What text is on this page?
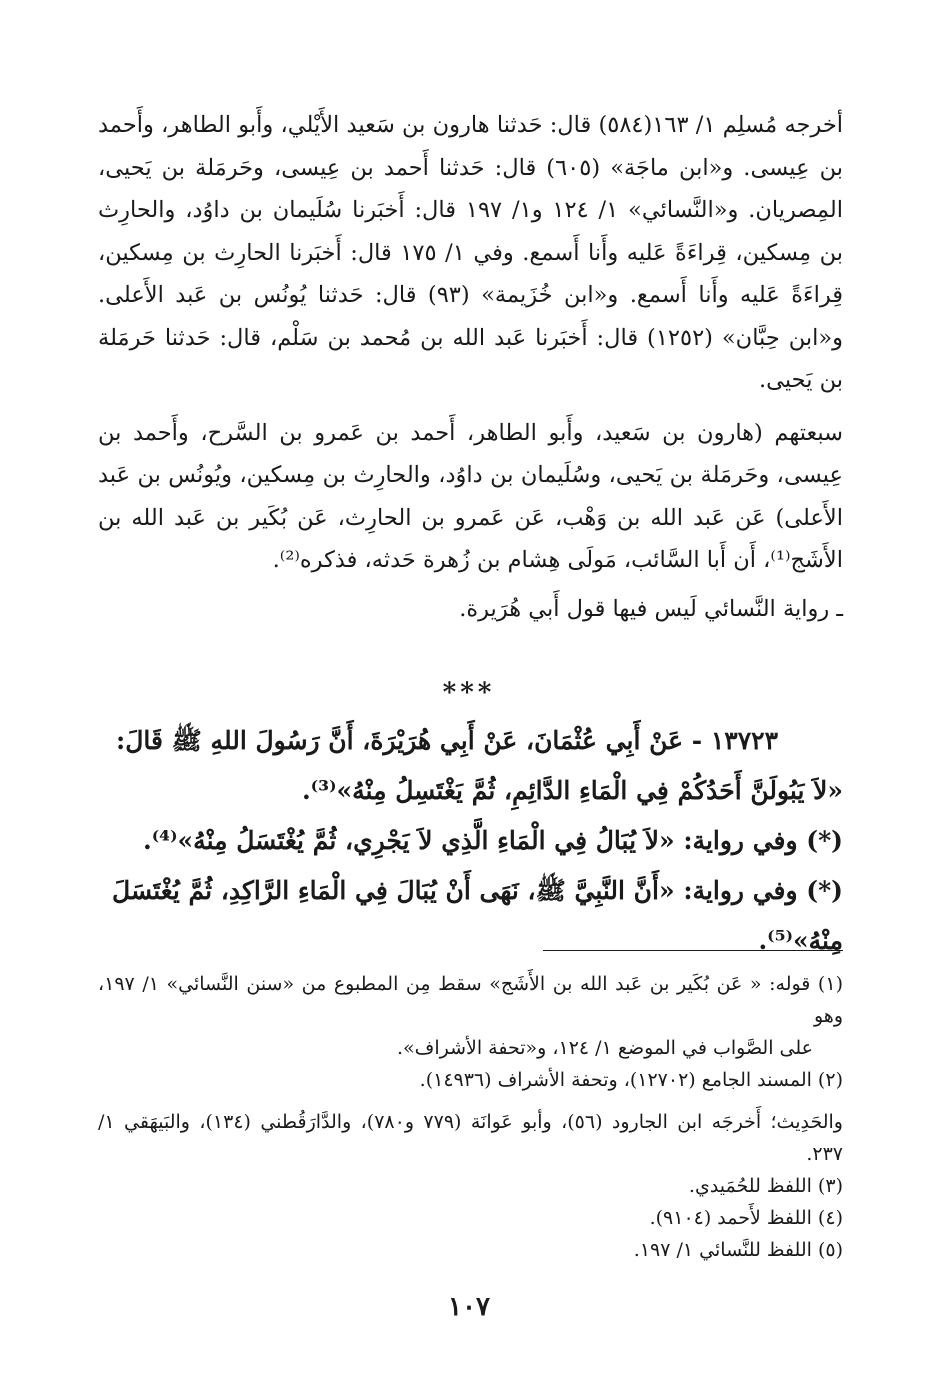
أخرجه مُسلِم ١/ ١٦٣(٥٨٤) قال: حَدثنا هارون بن سَعيد الأَيْلي، وأَبو الطاهر، وأَحمد بن عِيسى. و«ابن ماجَة» (٦٠٥) قال: حَدثنا أَحمد بن عِيسى، وحَرمَلة بن يَحيى، المِصريان. و«النَّسائي» ١/ ١٢٤ و١/ ١٩٧ قال: أَخبَرنا سُلَيمان بن داوُد، والحارِث بن مِسكين، قِراءَةً عَليه وأَنا أَسمع. وفي ١/ ١٧٥ قال: أَخبَرنا الحارِث بن مِسكين، قِراءَةً عَليه وأَنا أَسمع. و«ابن خُزَيمة» (٩٣) قال: حَدثنا يُونُس بن عَبد الأَعلى. و«ابن حِبَّان» (١٢٥٢) قال: أَخبَرنا عَبد الله بن مُحمد بن سَلْم، قال: حَدثنا حَرمَلة بن يَحيى.

سبعتهم (هارون بن سَعيد، وأَبو الطاهر، أَحمد بن عَمرو بن السَّرح، وأَحمد بن عِيسى، وحَرمَلة بن يَحيى، وسُلَيمان بن داوُد، والحارِث بن مِسكين، ويُونُس بن عَبد الأَعلى) عَن عَبد الله بن وَهْب، عَن عَمرو بن الحارِث، عَن بُكَير بن عَبد الله بن الأَشَج⁽¹⁾، أَن أَبا السَّائب، مَولَى هِشام بن زُهرة حَدثه، فذكره⁽²⁾.

ـ رواية النَّسائي لَيس فيها قول أَبي هُرَيرة.

***

١٣٧٢٣ - عَنْ أَبِي عُثْمَانَ، عَنْ أَبِي هُرَيْرَةَ، أَنَّ رَسُولَ اللهِ ﷺ قَالَ:

«لاَ يَبُولَنَّ أَحَدُكُمْ فِي الْمَاءِ الدَّائِمِ، ثُمَّ يَغْتَسِلُ مِنْهُ»⁽³⁾.

(*) وفي رواية: «لاَ يُبَالُ فِي الْمَاءِ الَّذِي لاَ يَجْرِي، ثُمَّ يُغْتَسَلُ مِنْهُ»⁽⁴⁾.

(*) وفي رواية: «أَنَّ النَّبِيَّ ﷺ، نَهَى أَنْ يُبَالَ فِي الْمَاءِ الرَّاكِدِ، ثُمَّ يُغْتَسَلَ مِنْهُ»⁽⁵⁾.

(١) قوله: « عَن بُكَير بن عَبد الله بن الأَشَج» سقط مِن المطبوع من «سنن النَّسائي» ١/ ١٩٧، وهو

على الصَّواب في الموضع ١/ ١٢٤، و«تحفة الأشراف».

(٢) المسند الجامع (١٢٧٠٢)، وتحفة الأشراف (١٤٩٣٦).

والحَدِيث؛ أَخرجَه ابن الجارود (٥٦)، وأبو عَوانَة (٧٧٩ و٧٨٠)، والدَّارَقُطني (١٣٤)، والبَيهَقي ١/ ٢٣٧.

(٣) اللفظ للحُمَيدي.

(٤) اللفظ لأَحمد (٩١٠٤).

(٥) اللفظ للنَّسائي ١/ ١٩٧.

١٠٧
